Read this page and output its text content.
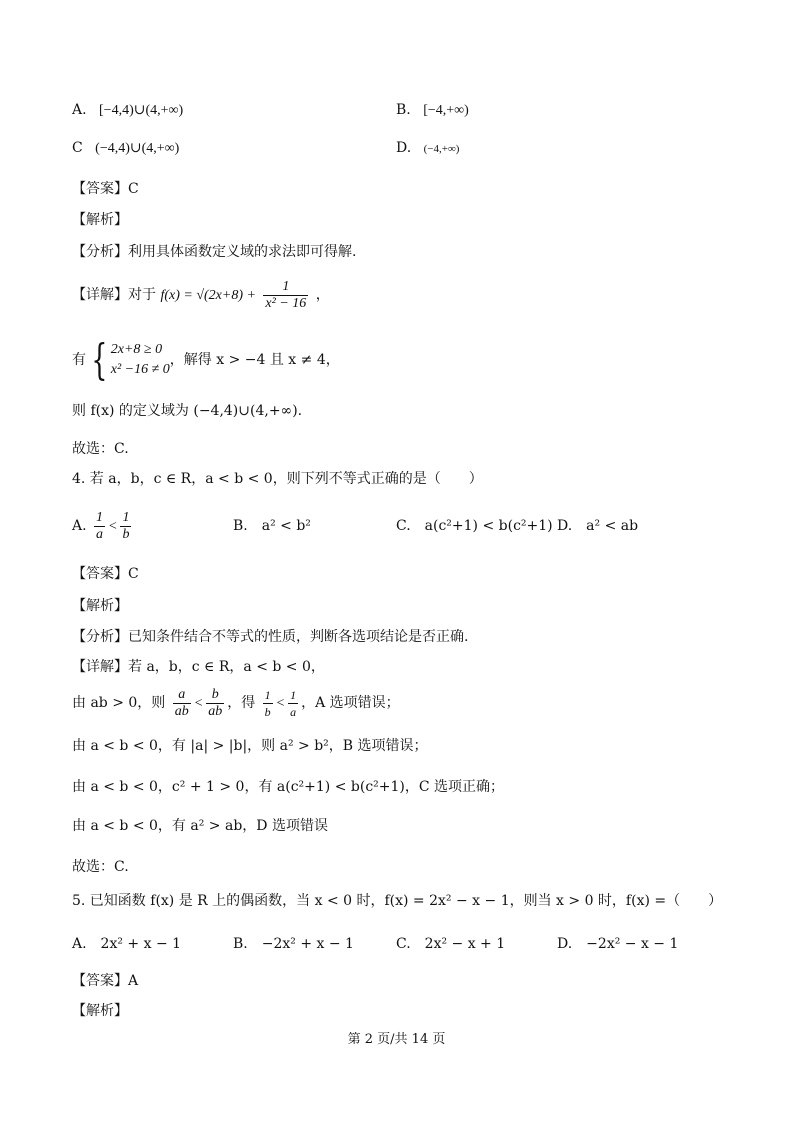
A. [−4,4)∪(4,+∞)	B. [−4,+∞)
C (−4,4)∪(4,+∞)	D. (−4,+∞)
【答案】C
【解析】
【分析】利用具体函数定义域的求法即可得解.
【详解】对于 $f(x) = √(2x+8) + \frac{1}{\text{x² − 16}}$ ，
有 { 2x+8 ≥ 0
x² −16 ≠ 0
，解得 x > −4 且 x ≠ 4，
则 f(x) 的定义域为 (−4,4)∪(4,+∞).
故选：C.
4. 若 a，b，c ∈ R，a < b < 0，则下列不等式正确的是（　　）
A. $\frac{1}{a} < \frac{1}{b}$	B.　a² < b²	C.　a(c²+1) < b(c²+1) D.　a² < ab
【答案】C
【解析】
【分析】已知条件结合不等式的性质，判断各选项结论是否正确.
【详解】若 a，b，c ∈ R，a < b < 0，
由 ab > 0，则 $\frac{a}{ab} < \frac{b}{ab}$ ，得 $\frac{1}{b} < \frac{1}{a}$ ，A 选项错误；
由 a < b < 0，有 |a| > |b|，则 a² > b²，B 选项错误；
由 a < b < 0，c² + 1 > 0，有 a(c²+1) < b(c²+1)，C 选项正确；
由 a < b < 0，有 a² > ab，D 选项错误
故选：C.
5. 已知函数 f(x) 是 R 上的偶函数，当 x < 0 时，f(x) = 2x² − x − 1，则当 x > 0 时，f(x) =（　　）
A.　2x² + x − 1	B.　−2x² + x − 1	C.　2x² − x + 1	D.　−2x² − x − 1
【答案】A
【解析】
第 2 页/共 14 页
